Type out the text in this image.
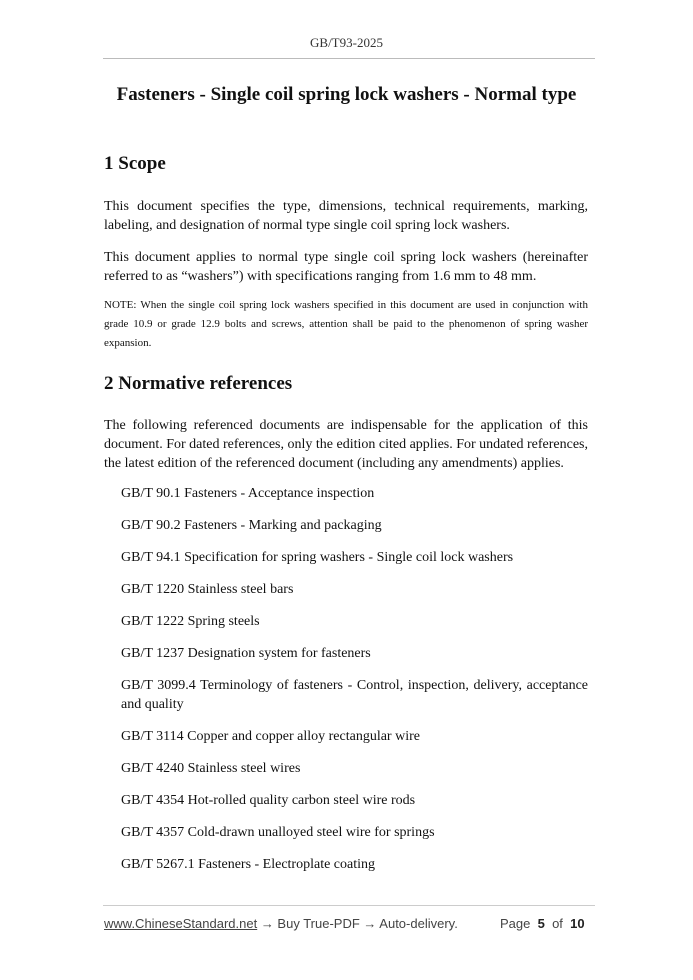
GB/T93-2025
Fasteners - Single coil spring lock washers - Normal type
1 Scope
This document specifies the type, dimensions, technical requirements, marking, labeling, and designation of normal type single coil spring lock washers.
This document applies to normal type single coil spring lock washers (hereinafter referred to as “washers”) with specifications ranging from 1.6 mm to 48 mm.
NOTE: When the single coil spring lock washers specified in this document are used in conjunction with grade 10.9 or grade 12.9 bolts and screws, attention shall be paid to the phenomenon of spring washer expansion.
2 Normative references
The following referenced documents are indispensable for the application of this document. For dated references, only the edition cited applies. For undated references, the latest edition of the referenced document (including any amendments) applies.
GB/T 90.1 Fasteners - Acceptance inspection
GB/T 90.2 Fasteners - Marking and packaging
GB/T 94.1 Specification for spring washers - Single coil lock washers
GB/T 1220 Stainless steel bars
GB/T 1222 Spring steels
GB/T 1237 Designation system for fasteners
GB/T 3099.4 Terminology of fasteners - Control, inspection, delivery, acceptance and quality
GB/T 3114 Copper and copper alloy rectangular wire
GB/T 4240 Stainless steel wires
GB/T 4354 Hot-rolled quality carbon steel wire rods
GB/T 4357 Cold-drawn unalloyed steel wire for springs
GB/T 5267.1 Fasteners - Electroplate coating
www.ChineseStandard.net → Buy True-PDF → Auto-delivery.	Page 5 of 10
